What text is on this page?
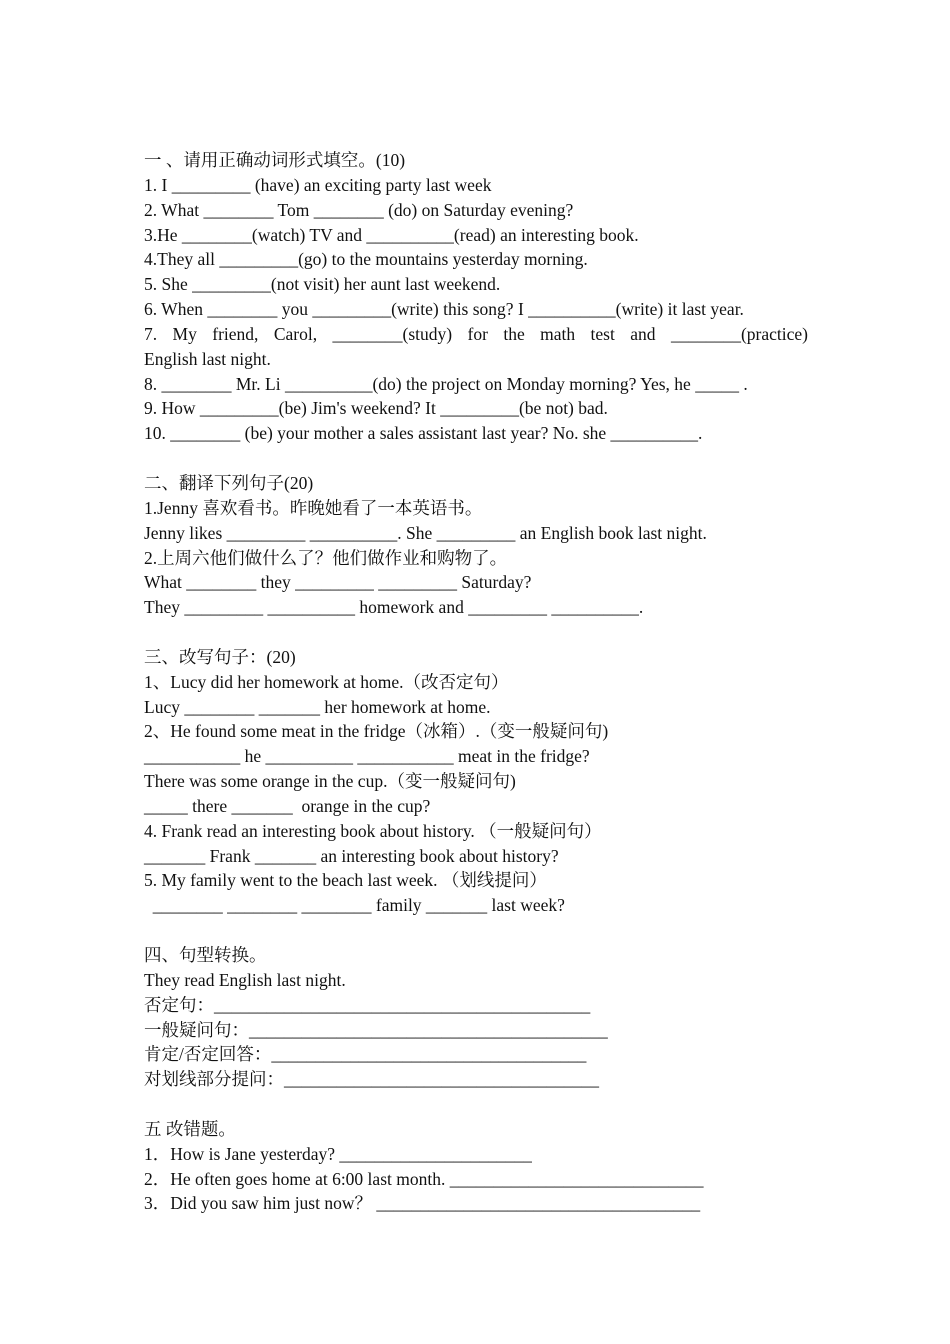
一 、请用正确动词形式填空。(10)
1. I _________ (have) an exciting party last week
2. What ________ Tom ________ (do) on Saturday evening?
3.He ________(watch) TV and __________(read) an interesting book.
4.They all _________(go) to the mountains yesterday morning.
5. She _________(not visit) her aunt last weekend.
6. When ________ you _________(write) this song? I __________(write) it last year.
7. My friend, Carol, ________(study) for the math test and ________(practice)
English last night.
8. ________ Mr. Li __________(do) the project on Monday morning? Yes, he _____ .
9. How _________(be) Jim's weekend? It _________(be not) bad.
10. ________ (be) your mother a sales assistant last year? No. she __________.
二、翻译下列句子(20)
1.Jenny 喜欢看书。昨晚她看了一本英语书。
Jenny likes _________ __________. She _________ an English book last night.
2.上周六他们做什么了？他们做作业和购物了。
What ________ they _________ _________ Saturday?
They _________ __________ homework and _________ __________.
三、改写句子：(20)
1、Lucy did her homework at home.（改否定句）
Lucy ________ _______ her homework at home.
2、He found some meat in the fridge（冰箱）.（变一般疑问句)
___________ he __________ ___________ meat in the fridge?
There was some orange in the cup.（变一般疑问句)
_____ there _______  orange in the cup?
4. Frank read an interesting book about history. （一般疑问句）
_______ Frank _______ an interesting book about history?
5. My family went to the beach last week. （划线提问）
________ ________ ________ family _______ last week?
四、句型转换。
They read English last night.
否定句：___________________________________________
一般疑问句：_________________________________________
肯定/否定回答：____________________________________
对划线部分提问：____________________________________
五 改错题。
1．How is Jane yesterday? ______________________
2．He often goes home at 6:00 last month. _____________________________
3．Did you saw him just now？ _____________________________________
